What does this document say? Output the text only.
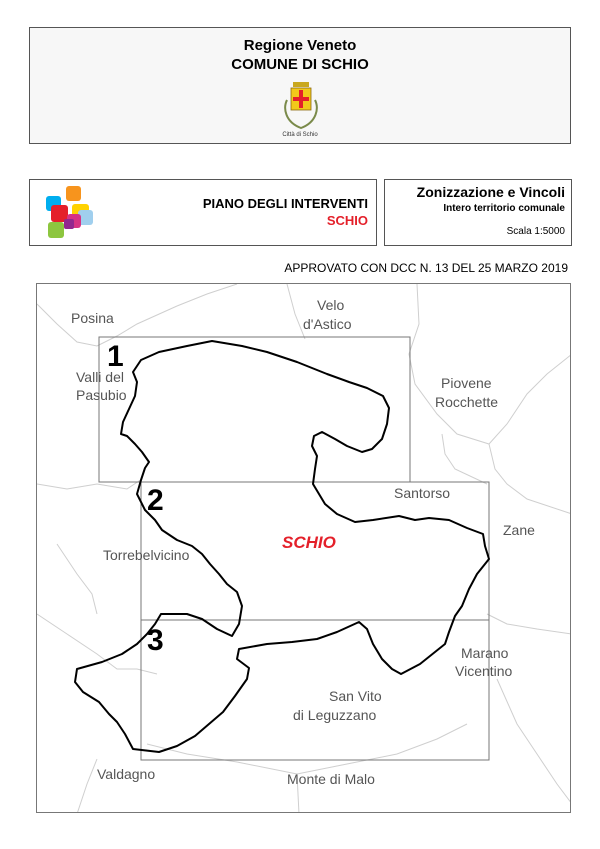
Regione Veneto
COMUNE DI SCHIO
Città di Schio
PIANO DEGLI INTERVENTI
SCHIO
Zonizzazione e Vincoli
Intero territorio comunale
Scala 1:5000
APPROVATO CON DCC N. 13 DEL 25 MARZO 2019
Posina
Velo
d'Astico
Valli del
Pasubio
Piovene
Rocchette
Santorso
Zane
Torrebelvicino
Marano
Vicentino
San Vito
di Leguzzano
Valdagno	Monte di Malo
1
2
3
SCHIO
